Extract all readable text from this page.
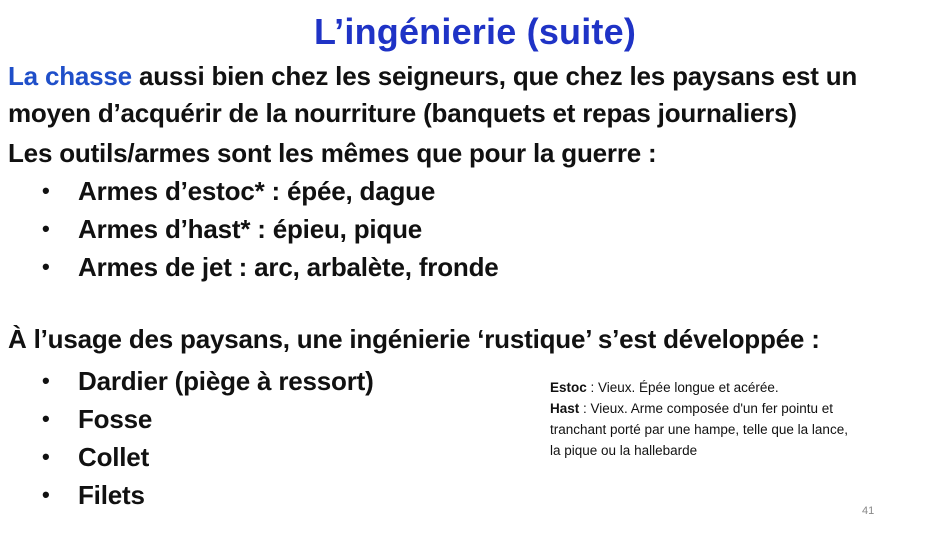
L’ingénierie (suite)
La chasse aussi bien chez les seigneurs, que chez les paysans est un
moyen d’acquérir de la nourriture (banquets et repas journaliers)
Les outils/armes sont les mêmes que pour la guerre :
• Armes d’estoc* : épée, dague
• Armes d’hast* : épieu, pique
• Armes de jet : arc, arbalète, fronde
À l’usage des paysans, une ingénierie ‘rustique’ s’est développée :
• Dardier (piège à ressort)
• Fosse
• Collet
• Filets
Estoc : Vieux. Épée longue et acérée.
Hast : Vieux. Arme composée d'un fer pointu et
tranchant porté par une hampe, telle que la lance,
la pique ou la hallebarde
41
